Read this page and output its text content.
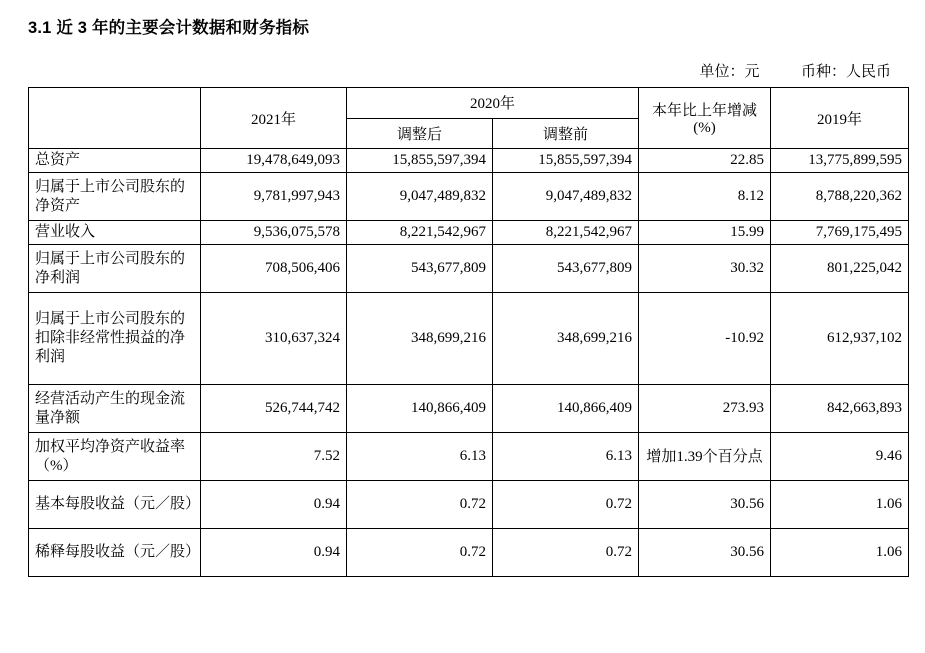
3.1 近 3 年的主要会计数据和财务指标
单位：元	币种：人民币
	2021年	2020年		本年比上年增减(%)	2019年
		调整后	调整前		
总资产	19,478,649,093	15,855,597,394	15,855,597,394	22.85	13,775,899,595
归属于上市公司股东的净资产	9,781,997,943	9,047,489,832	9,047,489,832	8.12	8,788,220,362
营业收入	9,536,075,578	8,221,542,967	8,221,542,967	15.99	7,769,175,495
归属于上市公司股东的净利润	708,506,406	543,677,809	543,677,809	30.32	801,225,042
归属于上市公司股东的扣除非经常性损益的净利润	310,637,324	348,699,216	348,699,216	-10.92	612,937,102
经营活动产生的现金流量净额	526,744,742	140,866,409	140,866,409	273.93	842,663,893
加权平均净资产收益率（%）	7.52	6.13	6.13	增加1.39个百分点	9.46
基本每股收益（元／股）	0.94	0.72	0.72	30.56	1.06
稀释每股收益（元／股）	0.94	0.72	0.72	30.56	1.06
